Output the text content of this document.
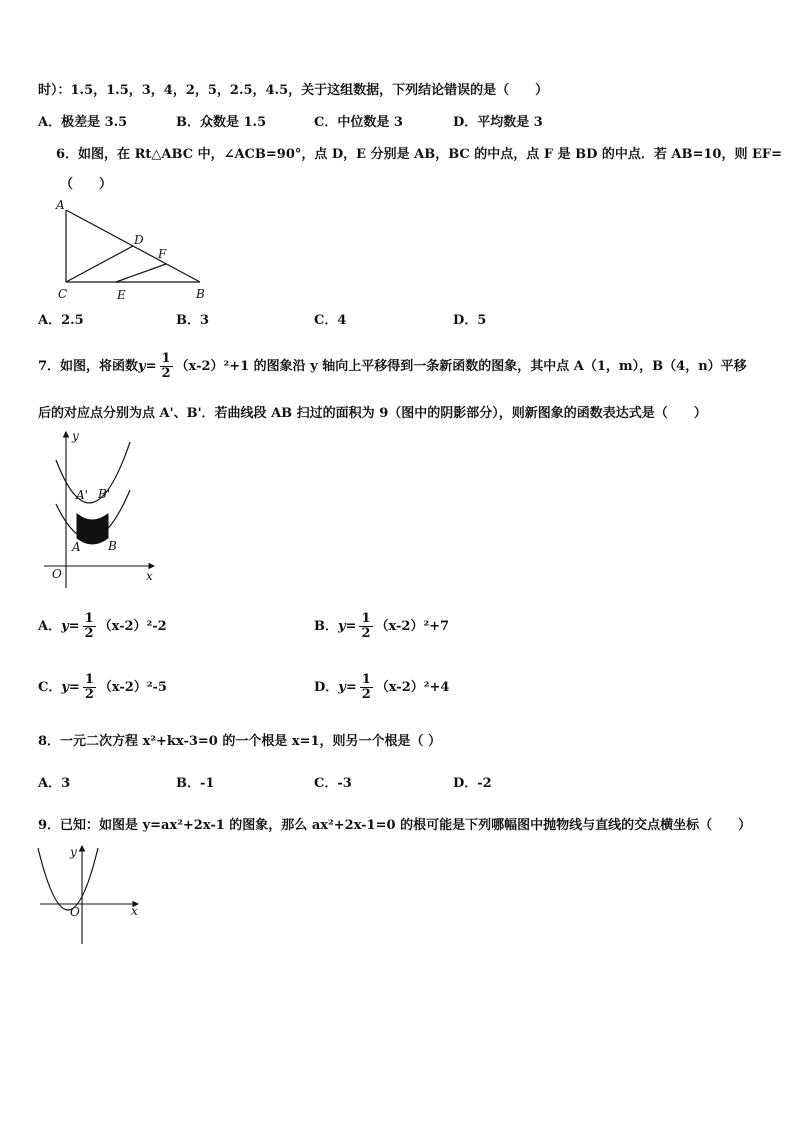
时）：1.5，1.5，3，4，2，5，2.5，4.5，关于这组数据，下列结论错误的是（　　）
A．极差是 3.5	B．众数是 1.5	C．中位数是 3	D．平均数是 3
6．如图，在 Rt△ABC 中，∠ACB=90°，点 D，E 分别是 AB，BC 的中点，点 F 是 BD 的中点．若 AB=10，则 EF=
（　　）
A
D
F
C	E	B
A．2.5	B．3	C．4	D．5
7．如图，将函数$y= \frac{1}{2} (x-2)^2+1$ 的图象沿 y 轴向上平移得到一条新函数的图象，其中点 A（1，m），B（4，n）平移
后的对应点分别为点 A'、B'．若曲线段 AB 扫过的面积为 9（图中的阴影部分），则新图象的函数表达式是（　　）
A B
A' B'
O	x
y
A．$y= \frac{1}{2} (x-2)^2-2$	B．$y= \frac{1}{2} (x-2)^2+7$
C．$y= \frac{1}{2} (x-2)^2-5$	D．$y= \frac{1}{2} (x-2)^2+4$
8．一元二次方程 x²+kx-3=0 的一个根是 x=1，则另一个根是（ ）
A．3	B．-1	C．-3	D．-2
9．已知：如图是 y=ax²+2x-1 的图象，那么 ax²+2x-1=0 的根可能是下列哪幅图中抛物线与直线的交点横坐标（　　）
y
x
O
